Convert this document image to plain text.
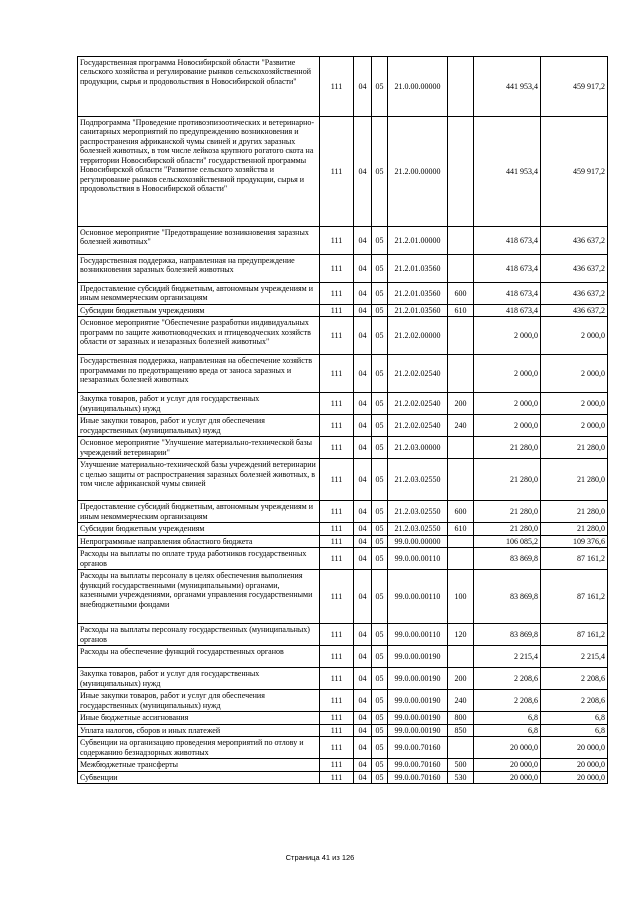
Государственная программа Новосибирской области "Развитие сельского хозяйства и регулирование рынков сельскохозяйственной продукции, сырья и продовольствия в Новосибирской области"	111	04	05	21.0.00.00000		441 953,4	459 917,2
Подпрограмма "Проведение противоэпизоотических и ветеринарно-санитарных мероприятий по предупреждению возникновения и распространения африканской чумы свиней и других заразных болезней животных, в том числе лейкоза крупного рогатого скота на территории Новосибирской области" государственной программы Новосибирской области "Развитие сельского хозяйства и регулирование рынков сельскохозяйственной продукции, сырья и продовольствия в Новосибирской области"	111	04	05	21.2.00.00000		441 953,4	459 917,2
Основное мероприятие "Предотвращение возникновения заразных болезней животных"	111	04	05	21.2.01.00000		418 673,4	436 637,2
Государственная поддержка, направленная на предупреждение возникновения заразных болезней животных	111	04	05	21.2.01.03560		418 673,4	436 637,2
Предоставление субсидий бюджетным, автономным учреждениям и иным некоммерческим организациям	111	04	05	21.2.01.03560	600	418 673,4	436 637,2
Субсидии бюджетным учреждениям	111	04	05	21.2.01.03560	610	418 673,4	436 637,2
Основное мероприятие "Обеспечение разработки индивидуальных программ по защите животноводческих и птицеводческих хозяйств области от заразных и незаразных болезней животных"	111	04	05	21.2.02.00000		2 000,0	2 000,0
Государственная поддержка, направленная на обеспечение хозяйств программами по предотвращению вреда от заноса заразных и незаразных болезней животных	111	04	05	21.2.02.02540		2 000,0	2 000,0
Закупка товаров, работ и услуг для государственных (муниципальных) нужд	111	04	05	21.2.02.02540	200	2 000,0	2 000,0
Иные закупки товаров, работ и услуг для обеспечения государственных (муниципальных) нужд	111	04	05	21.2.02.02540	240	2 000,0	2 000,0
Основное мероприятие "Улучшение материально-технической базы учреждений ветеринарии"	111	04	05	21.2.03.00000		21 280,0	21 280,0
Улучшение материально-технической базы учреждений ветеринарии с целью защиты от распространения заразных болезней животных, в том числе африканской чумы свиней	111	04	05	21.2.03.02550		21 280,0	21 280,0
Предоставление субсидий бюджетным, автономным учреждениям и иным некоммерческим организациям	111	04	05	21.2.03.02550	600	21 280,0	21 280,0
Субсидии бюджетным учреждениям	111	04	05	21.2.03.02550	610	21 280,0	21 280,0
Непрограммные направления областного бюджета	111	04	05	99.0.00.00000		106 085,2	109 376,6
Расходы на выплаты по оплате труда работников государственных органов	111	04	05	99.0.00.00110		83 869,8	87 161,2
Расходы на выплаты персоналу в целях обеспечения выполнения функций государственными (муниципальными) органами, казенными учреждениями, органами управления государственными внебюджетными фондами	111	04	05	99.0.00.00110	100	83 869,8	87 161,2
Расходы на выплаты персоналу государственных (муниципальных) органов	111	04	05	99.0.00.00110	120	83 869,8	87 161,2
Расходы на обеспечение функций государственных органов	111	04	05	99.0.00.00190		2 215,4	2 215,4
Закупка товаров, работ и услуг для государственных (муниципальных) нужд	111	04	05	99.0.00.00190	200	2 208,6	2 208,6
Иные закупки товаров, работ и услуг для обеспечения государственных (муниципальных) нужд	111	04	05	99.0.00.00190	240	2 208,6	2 208,6
Иные бюджетные ассигнования	111	04	05	99.0.00.00190	800	6,8	6,8
Уплата налогов, сборов и иных платежей	111	04	05	99.0.00.00190	850	6,8	6,8
Субвенции на организацию проведения мероприятий по отлову и содержанию безнадзорных животных	111	04	05	99.0.00.70160		20 000,0	20 000,0
Межбюджетные трансферты	111	04	05	99.0.00.70160	500	20 000,0	20 000,0
Субвенции	111	04	05	99.0.00.70160	530	20 000,0	20 000,0
Страница 41 из 126
